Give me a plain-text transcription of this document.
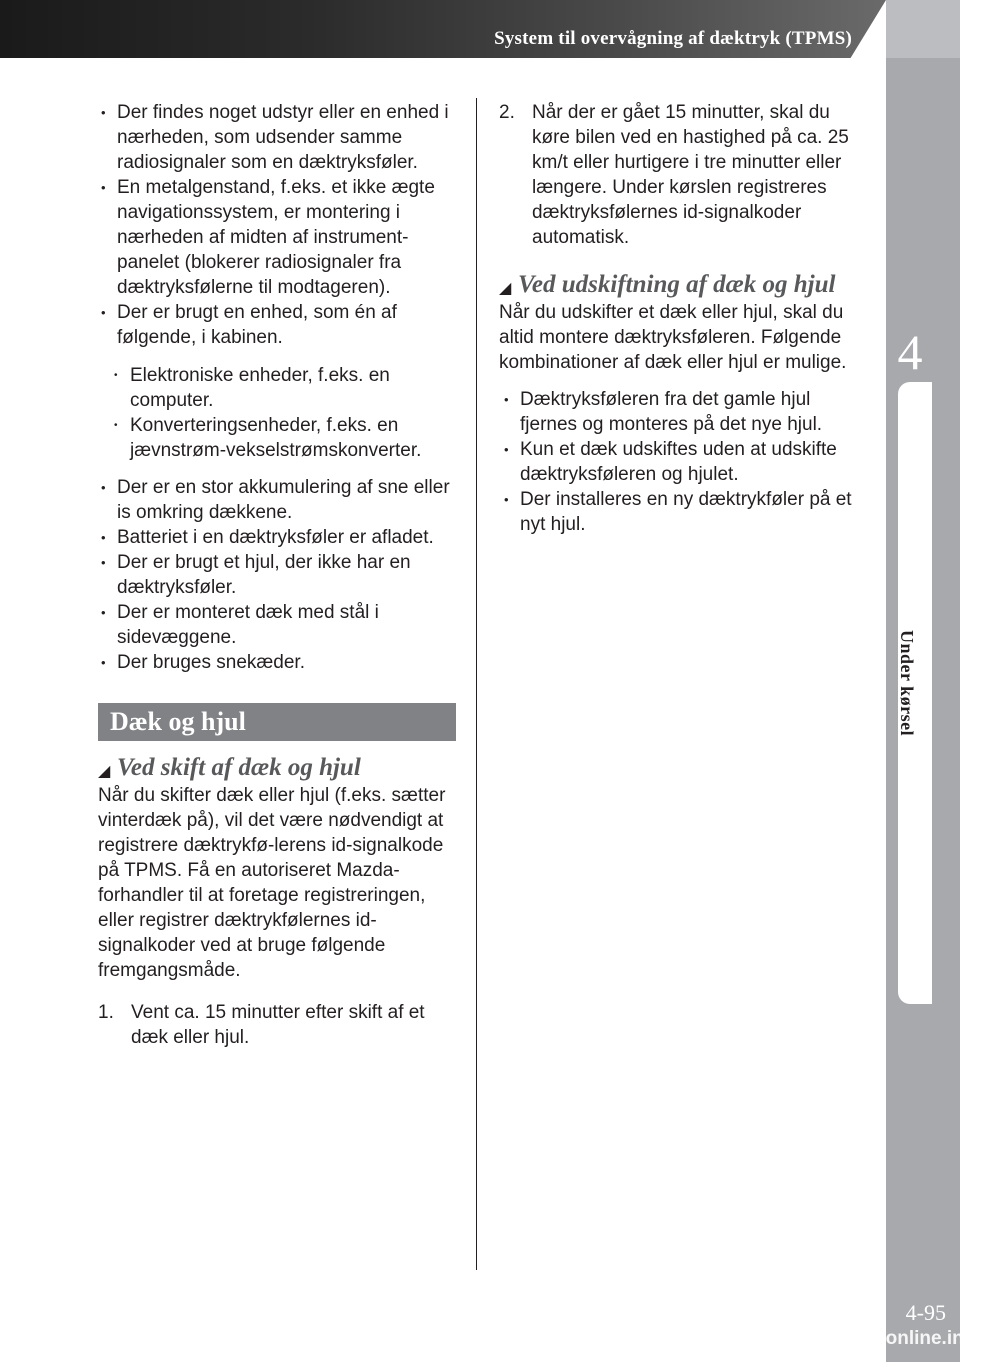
System til overvågning af dæktryk (TPMS)
4
Under kørsel
4-95
carmanualsonline.info

• Der findes noget udstyr eller en enhed i nærheden, som udsender samme radiosignaler som en dæktryksføler.

• En metalgenstand, f.eks. et ikke ægte navigationssystem, er montering i nærheden af midten af instrument-panelet (blokerer radiosignaler fra dæktryksfølerne til modtageren).

• Der er brugt en enhed, som én af følgende, i kabinen.

• Elektroniske enheder, f.eks. en computer.

• Konverteringsenheder, f.eks. en jævnstrøm-vekselstrømskonverter.

• Der er en stor akkumulering af sne eller is omkring dækkene.

• Batteriet i en dæktryksføler er afladet.

• Der er brugt et hjul, der ikke har en dæktryksføler.

• Der er monteret dæk med stål i sidevæggene.

• Der bruges snekæder.

Dæk og hjul
◢ Ved skift af dæk og hjul

Når du skifter dæk eller hjul (f.eks. sætter vinterdæk på), vil det være nødvendigt at registrere dæktrykfø-lerens id-signalkode på TPMS. Få en autoriseret Mazda-forhandler til at foretage registreringen, eller registrer dæktrykfølernes id-signalkoder ved at bruge følgende fremgangsmåde.

1. Vent ca. 15 minutter efter skift af et dæk eller hjul.

2. Når der er gået 15 minutter, skal du køre bilen ved en hastighed på ca. 25 km/t eller hurtigere i tre minutter eller længere. Under kørslen registreres dæktryksfølernes id-signalkoder automatisk.

◢ Ved udskiftning af dæk og hjul

Når du udskifter et dæk eller hjul, skal du altid montere dæktryksføleren. Følgende kombinationer af dæk eller hjul er mulige.

• Dæktryksføleren fra det gamle hjul fjernes og monteres på det nye hjul.

• Kun et dæk udskiftes uden at udskifte dæktryksføleren og hjulet.

• Der installeres en ny dæktrykføler på et nyt hjul.
